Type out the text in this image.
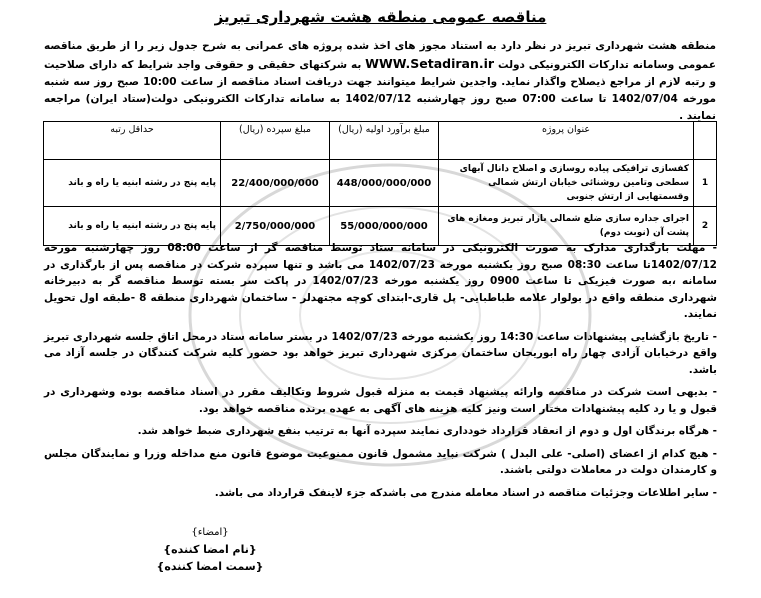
مناقصه عمومی منطقه هشت شهرداری تبریز
منطقه هشت شهرداری تبریز در نظر دارد به استناد مجوز های اخذ شده پروژه های عمرانی به شرح جدول زیر را از طریق مناقصه عمومی وسامانه تدارکات الکترونیکی دولت WWW.Setadiran.ir به شرکتهای حقیقی و حقوقی واجد شرایط که دارای صلاحیت و رتبه لازم از مراجع ذیصلاح واگذار نماید. واجدین شرایط میتوانند جهت دریافت اسناد مناقصه از ساعت 10:00 صبح روز سه شنبه مورخه 1402/07/04 تا ساعت 07:00 صبح روز چهارشنبه 1402/07/12 به سامانه تدارکات الکترونیکی دولت(ستاد ایران) مراجعه نمایند .
	عنوان پروژه	مبلغ برآورد اولیه (ریال)	مبلغ سپرده (ریال)	حداقل رتبه
1	کفسازی ترافیکی پیاده روسازی و اصلاح دانال آبهای سطحی وتامین روشنائی خیابان ارتش شمالی وقسمتهایی از ارتش جنوبی	448/000/000/000	22/400/000/000	پایه پنج در رشته ابنیه یا راه و باند
2	اجرای جداره سازی ضلع شمالی بازار تبریز ومغازه های پشت آن (نوبت دوم)	55/000/000/000	2/750/000/000	پایه پنج در رشته ابنیه یا راه و باند

- مهلت بارگذاری مدارک به صورت الکترونیکی در سامانه ستاد توسط مناقصه گر از ساعت 08:00 روز چهارشنبه مورخه 1402/07/12تا ساعت 08:30 صبح روز یکشنبه مورخه 1402/07/23 می باشد و تنها سپرده شرکت در مناقصه پس از بارگذاری در سامانه ،به صورت فیزیکی تا ساعت 0900 روز یکشنبه مورخه 1402/07/23 در پاکت سر بسته توسط مناقصه گر به دبیرخانه شهرداری منطقه واقع در بولوار علامه طباطبایی- پل قاری-ابتدای کوچه مجتهدلر - ساختمان شهرداری منطقه 8 -طبقه اول تحویل نمایند.

- تاریخ بازگشایی پیشنهادات ساعت 14:30 روز یکشنبه مورخه 1402/07/23 در بستر سامانه ستاد درمحل اتاق جلسه شهرداری تبریز واقع درخیابان آزادی چهار راه ابوریحان ساختمان مرکزی شهرداری تبریز خواهد بود حضور کلیه شرکت کنندگان در جلسه آزاد می باشد.

- بدیهی است شرکت در مناقصه وارائه پیشنهاد قیمت به منزله قبول شروط وتکالیف مقرر در اسناد مناقصه بوده وشهرداری در قبول و یا رد کلیه پیشنهادات مختار است ونیز کلیه هزینه های آگهی به عهده برنده مناقصه خواهد بود.

- هرگاه برندگان اول و دوم از انعقاد قرارداد خودداری نمایند سپرده آنها به ترتیب بنفع شهرداری ضبط خواهد شد.

- هیچ کدام از اعضای (اصلی- علی البدل ) شرکت نباید مشمول قانون ممنوعیت موضوع قانون منع مداخله وزرا و نمایندگان مجلس و کارمندان دولت در معاملات دولتی باشند.

- سایر اطلاعات وجزئیات مناقصه در اسناد معامله مندرج می باشدکه جزء لاینفک قرارداد می باشد.

{امضاء}
{نام امضا کننده}
{سمت امضا کننده}
